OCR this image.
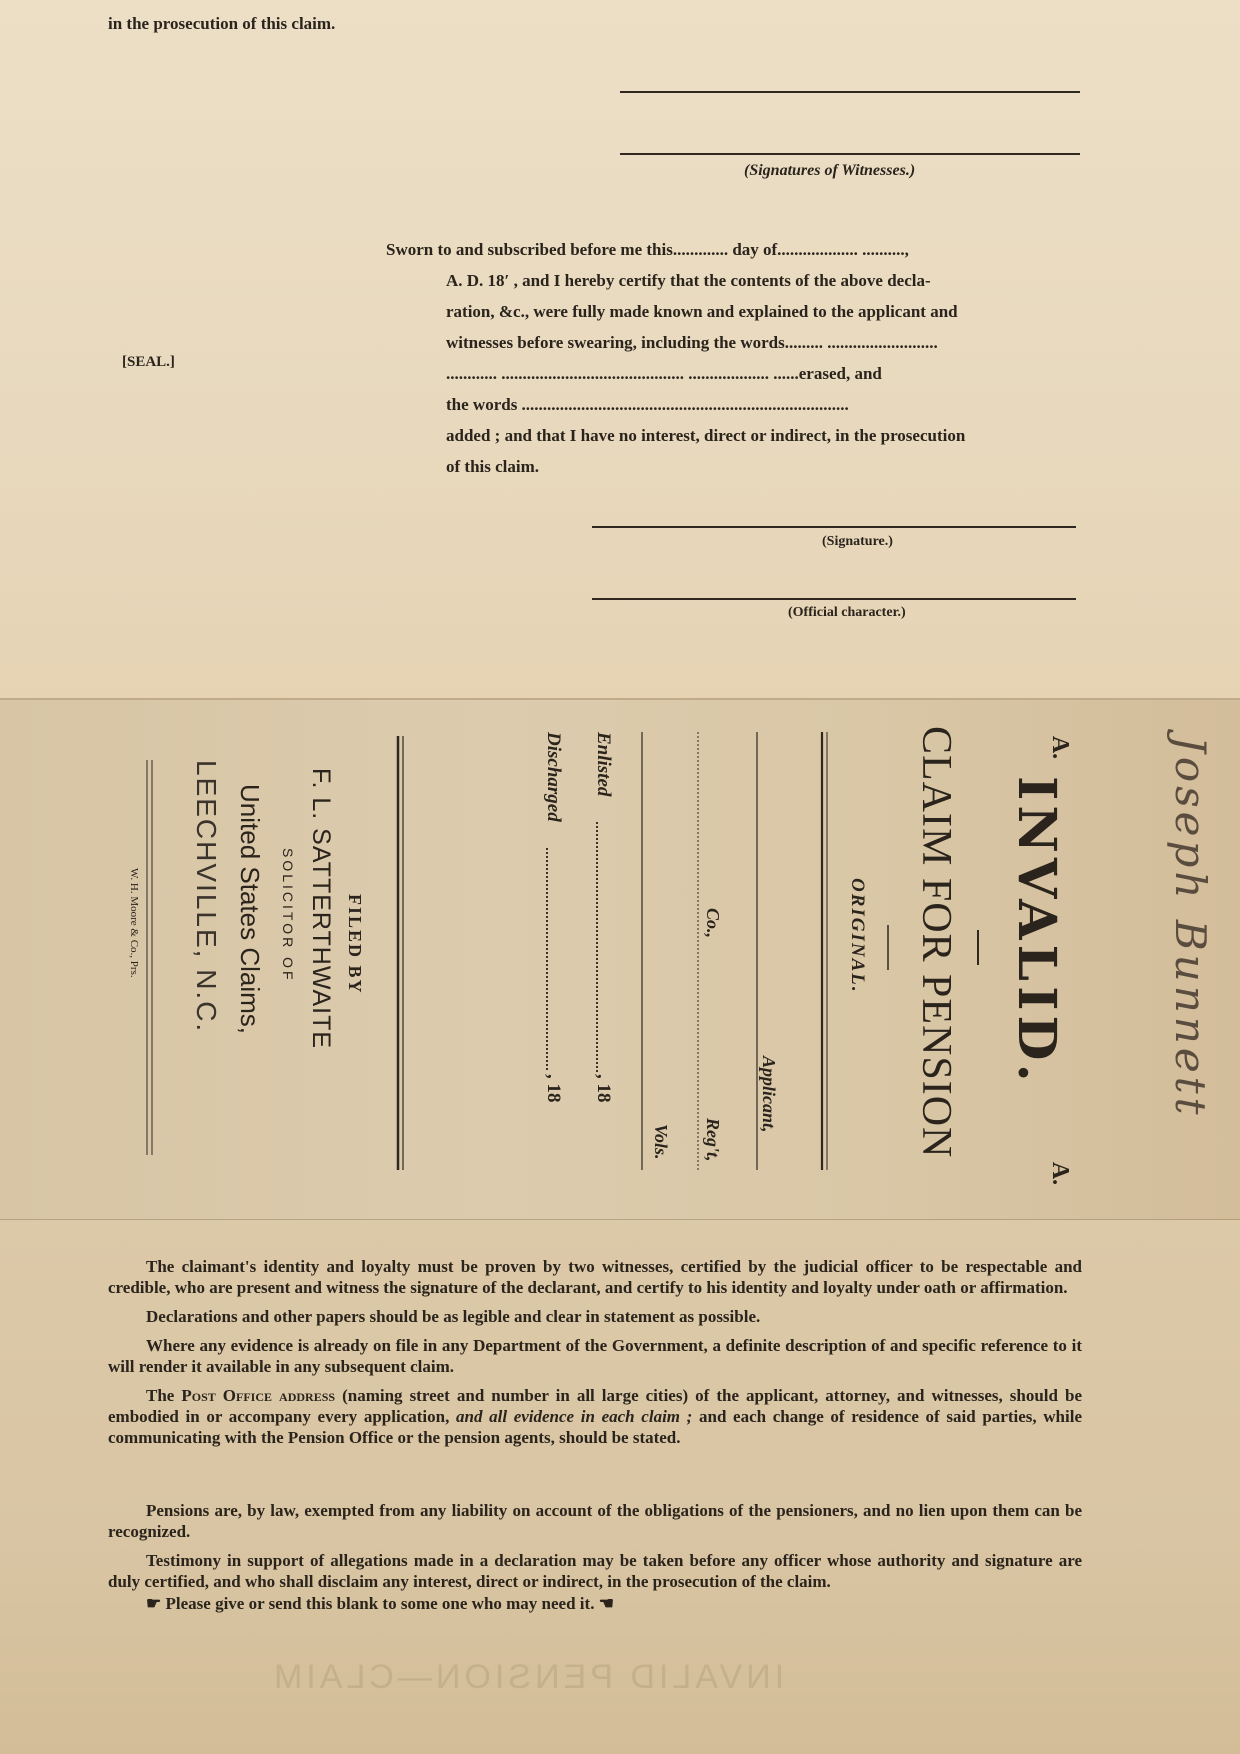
in the prosecution of this claim.
(Signatures of Witnesses.)
Sworn to and subscribed before me this............. day of................... ..........,
A. D. 18′ , and I hereby certify that the contents of the above decla-
ration, &c., were fully made known and explained to the applicant and
witnesses before swearing, including the words......... ..........................
............ ........................................... ................... ......erased, and
the words .............................................................................
added ; and that I have no interest, direct or indirect, in the prosecution
of this claim.
[SEAL.]
(Signature.)
(Official character.)
A.
A.
INVALID.
CLAIM FOR PENSION
ORIGINAL.
Applicant,
Co.,
Reg't,
Vols.
Enlisted
, 18
Discharged
, 18
FILED BY
F. L. SATTERTHWAITE
SOLICITOR OF
United States Claims,
LEECHVILLE, N.C.
W. H. Moore & Co., Prs.	Joseph Bunnett

The claimant's identity and loyalty must be proven by two witnesses, certified by the judicial officer to be respectable and credible, who are present and witness the signature of the declarant, and certify to his identity and loyalty under oath or affirmation.

Declarations and other papers should be as legible and clear in statement as possible.

Where any evidence is already on file in any Department of the Government, a definite description of and specific reference to it will render it available in any subsequent claim.

The Post Office address (naming street and number in all large cities) of the applicant, attorney, and witnesses, should be embodied in or accompany every application, and all evidence in each claim ; and each change of residence of said parties, while communicating with the Pension Office or the pension agents, should be stated.

Pensions are, by law, exempted from any liability on account of the obligations of the pensioners, and no lien upon them can be recognized.

Testimony in support of allegations made in a declaration may be taken before any officer whose authority and signature are duly certified, and who shall disclaim any interest, direct or indirect, in the prosecution of the claim.

☛ Please give or send this blank to some one who may need it. ☚
INVALID PENSION—CLAIM
